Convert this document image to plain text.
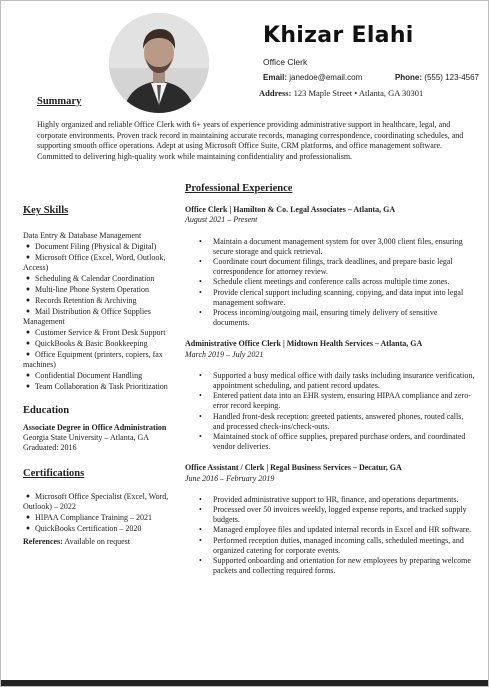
Khizar Elahi
Office Clerk
Email: janedoe@email.com	Phone: (555) 123-4567
Address: 123 Maple Street • Atlanta, GA 30301
Summary
Highly organized and reliable Office Clerk with 6+ years of experience providing administrative support in healthcare, legal, and corporate environments. Proven track record in maintaining accurate records, managing correspondence, coordinating schedules, and supporting smooth office operations. Adept at using Microsoft Office Suite, CRM platforms, and office management software. Committed to delivering high-quality work while maintaining confidentiality and professionalism.
Key Skills
Data Entry & Database Management
● Document Filing (Physical & Digital)
● Microsoft Office (Excel, Word, Outlook, Access)
● Scheduling & Calendar Coordination
● Multi-line Phone System Operation
● Records Retention & Archiving
● Mail Distribution & Office Supplies Management
● Customer Service & Front Desk Support
● QuickBooks & Basic Bookkeeping
● Office Equipment (printers, copiers, fax machines)
● Confidential Document Handling
● Team Collaboration & Task Prioritization
Education
Associate Degree in Office Administration
Georgia State University – Atlanta, GA
Graduated: 2016
Certifications
● Microsoft Office Specialist (Excel, Word, Outlook) – 2022
● HIPAA Compliance Training – 2021
● QuickBooks Certification – 2020
References: Available on request
Professional Experience
Office Clerk | Hamilton & Co. Legal Associates – Atlanta, GA
August 2021 – Present
• Maintain a document management system for over 3,000 client files, ensuring secure storage and quick retrieval.
• Coordinate court document filings, track deadlines, and prepare basic legal correspondence for attorney review.
• Schedule client meetings and conference calls across multiple time zones.
• Provide clerical support including scanning, copying, and data input into legal management software.
• Process incoming/outgoing mail, ensuring timely delivery of sensitive documents.
Administrative Office Clerk | Midtown Health Services – Atlanta, GA
March 2019 – July 2021
• Supported a busy medical office with daily tasks including insurance verification, appointment scheduling, and patient record updates.
• Entered patient data into an EHR system, ensuring HIPAA compliance and zero-error record keeping.
• Handled front-desk reception: greeted patients, answered phones, routed calls, and processed check-ins/check-outs.
• Maintained stock of office supplies, prepared purchase orders, and coordinated vendor deliveries.
Office Assistant / Clerk | Regal Business Services – Decatur, GA
June 2016 – February 2019
• Provided administrative support to HR, finance, and operations departments.
• Processed over 50 invoices weekly, logged expense reports, and tracked supply budgets.
• Managed employee files and updated internal records in Excel and HR software.
• Performed reception duties, managed incoming calls, scheduled meetings, and organized catering for corporate events.
• Supported onboarding and orientation for new employees by preparing welcome packets and collecting required forms.
